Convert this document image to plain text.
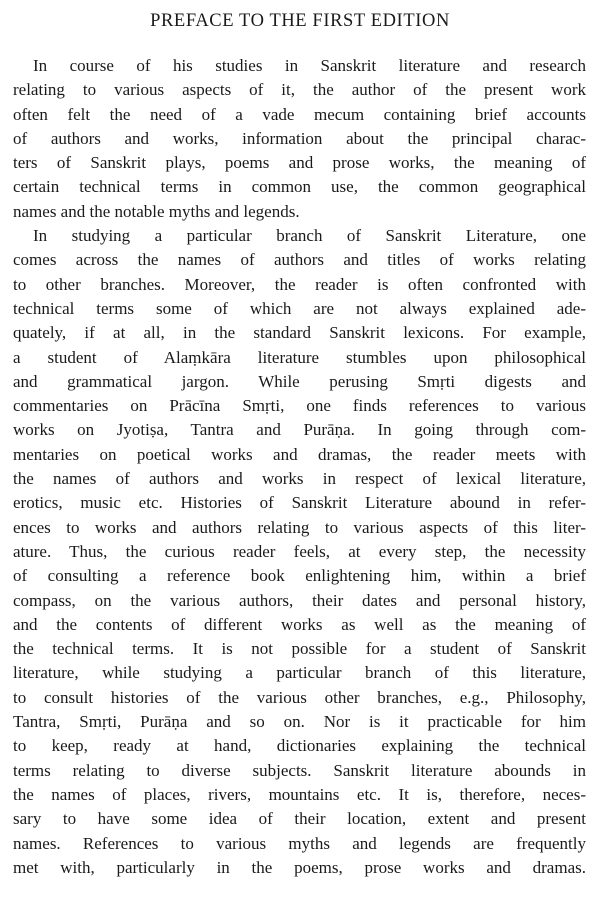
PREFACE TO THE FIRST EDITION
In course of his studies in Sanskrit literature and research
relating to various aspects of it, the author of the present work
often felt the need of a vade mecum containing brief accounts
of authors and works, information about the principal charac-
ters of Sanskrit plays, poems and prose works, the meaning of
certain technical terms in common use, the common geographical
names and the notable myths and legends.
In studying a particular branch of Sanskrit Literature, one
comes across the names of authors and titles of works relating
to other branches. Moreover, the reader is often confronted with
technical terms some of which are not always explained ade-
quately, if at all, in the standard Sanskrit lexicons. For example,
a student of Alaṃkāra literature stumbles upon philosophical
and grammatical jargon. While perusing Smṛti digests and
commentaries on Prācīna Smṛti, one finds references to various
works on Jyotiṣa, Tantra and Purāṇa. In going through com-
mentaries on poetical works and dramas, the reader meets with
the names of authors and works in respect of lexical literature,
erotics, music etc. Histories of Sanskrit Literature abound in refer-
ences to works and authors relating to various aspects of this liter-
ature. Thus, the curious reader feels, at every step, the necessity
of consulting a reference book enlightening him, within a brief
compass, on the various authors, their dates and personal history,
and the contents of different works as well as the meaning of
the technical terms. It is not possible for a student of Sanskrit
literature, while studying a particular branch of this literature,
to consult histories of the various other branches, e.g., Philosophy,
Tantra, Smṛti, Purāṇa and so on. Nor is it practicable for him
to keep, ready at hand, dictionaries explaining the technical
terms relating to diverse subjects. Sanskrit literature abounds in
the names of places, rivers, mountains etc. It is, therefore, neces-
sary to have some idea of their location, extent and present
names. References to various myths and legends are frequently
met with, particularly in the poems, prose works and dramas.
